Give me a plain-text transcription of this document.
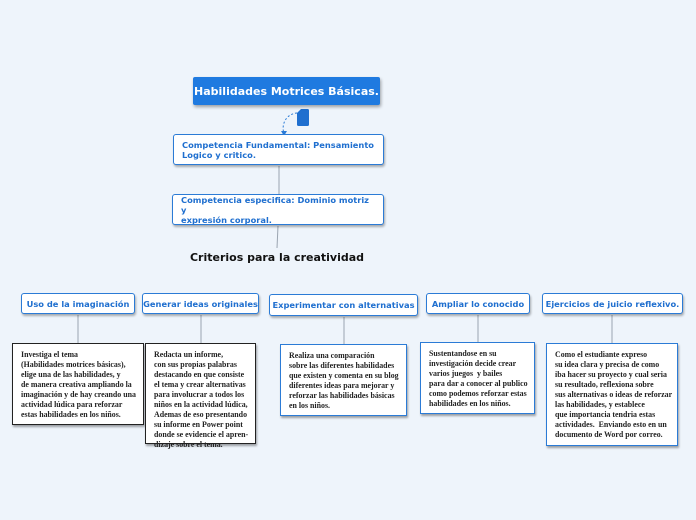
Habilidades Motrices Básicas.
Competencia Fundamental: Pensamiento
Logico y critico.
Competencia especifica: Dominio motriz y
expresión corporal.
Criterios para la creatividad
Uso de la imaginación Generar ideas originales Experimentar con alternativas Ampliar lo conocido	Ejercicios de juicio reflexivo.
Investiga el tema
(Habilidades motrices básicas),
elige una de las habilidades, y
de manera creativa ampliando la
imaginación y de hay creando una
actividad lúdica para reforzar
estas habilidades en los niños.
Redacta un informe,
con sus propias palabras
destacando en que consiste
el tema y crear alternativas
para involucrar a todos los
niños en la actividad lúdica,
Ademas de eso presentando
su informe en Power point
donde se evidencie el apren-
dizaje sobre el tema.
Realiza una comparación
sobre las diferentes habilidades
que existen y comenta en su blog
diferentes ideas para mejorar y
reforzar las habilidades básicas
en los niños.
Sustentandose en su
investigación decide crear
varios juegos  y bailes
para dar a conocer al publico
como podemos reforzar estas
habilidades en los niños.
Como el estudiante expreso
su idea clara y precisa de como
iba hacer su proyecto y cual seria
su resultado, reflexiona sobre
sus alternativas o ideas de reforzar
las habilidades, y establece
que importancia tendria estas
actividades.  Enviando esto en un
documento de Word por correo.
